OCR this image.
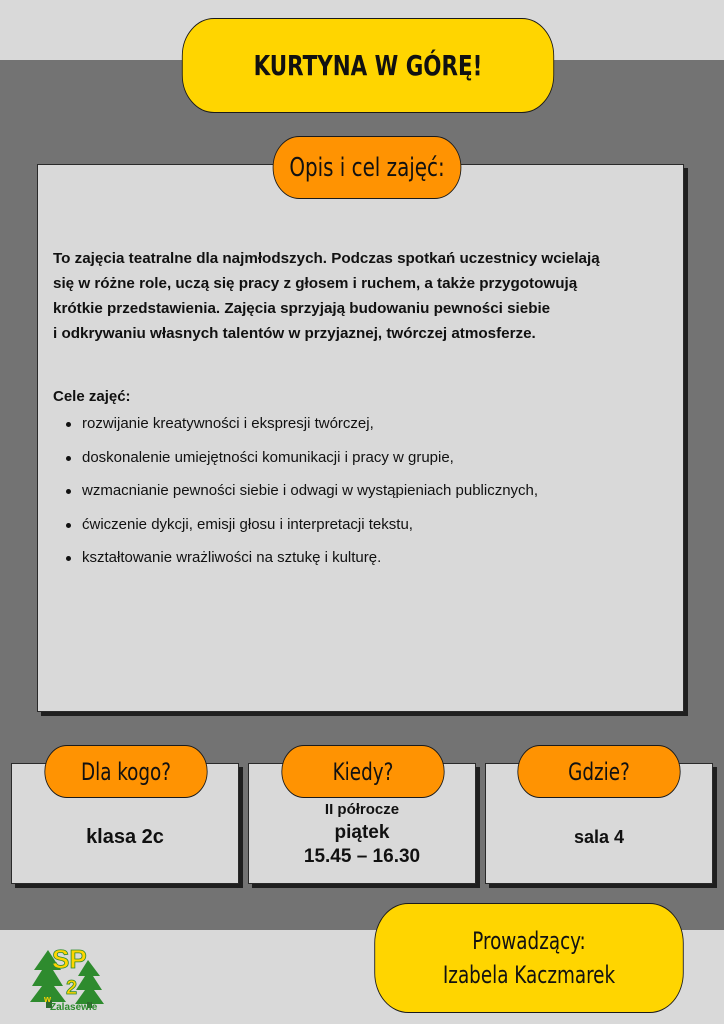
KURTYNA W GÓRĘ!
Opis i cel zajęć:

To zajęcia teatralne dla najmłodszych. Podczas spotkań uczestnicy wcielają
się w różne role, uczą się pracy z głosem i ruchem, a także przygotowują
krótkie przedstawienia. Zajęcia sprzyjają budowaniu pewności siebie
i odkrywaniu własnych talentów w przyjaznej, twórczej atmosferze.

Cele zajęć:

rozwijanie kreatywności i ekspresji twórczej,
doskonalenie umiejętności komunikacji i pracy w grupie,
wzmacnianie pewności siebie i odwagi w wystąpieniach publicznych,
ćwiczenie dykcji, emisji głosu i interpretacji tekstu,
kształtowanie wrażliwości na sztukę i kulturę.
Dla kogo?
klasa 2c
Kiedy?
II półrocze
piątek
15.45 – 16.30
Gdzie?
sala 4
Prowadzący:
Izabela Kaczmarek
SP
2
w
Zalasewie
